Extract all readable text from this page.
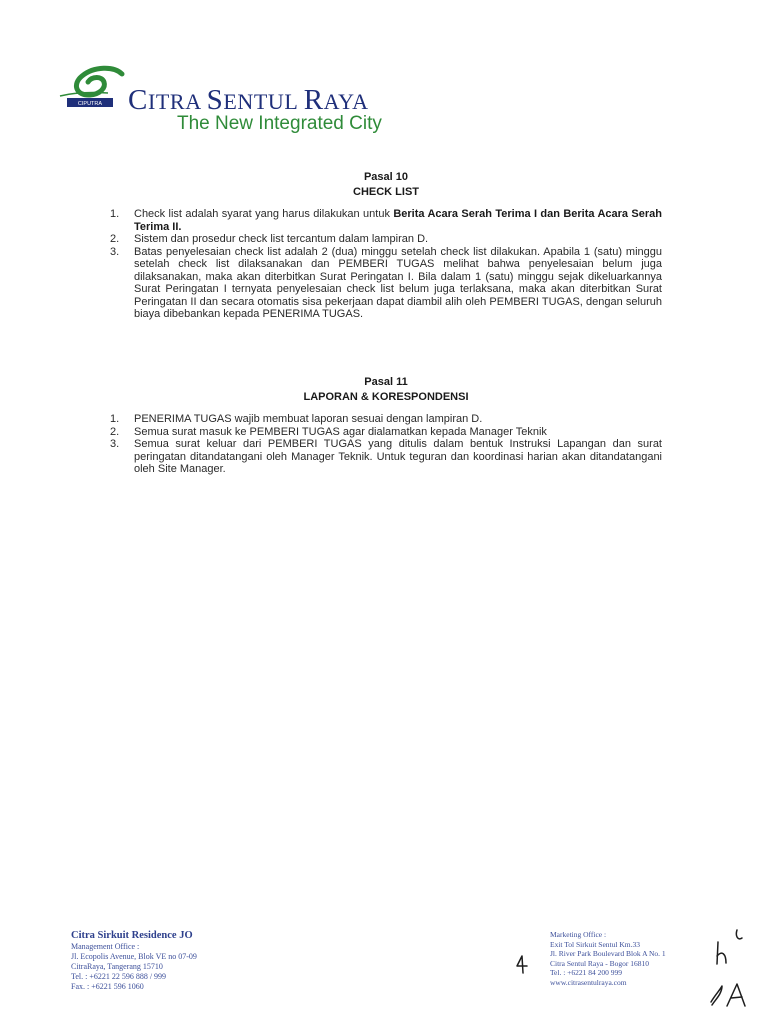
CIPUTRA CITRA SENTUL RAYA
The New Integrated City
Pasal 10
CHECK LIST
1.	Check list adalah syarat yang harus dilakukan untuk Berita Acara Serah Terima I dan Berita Acara Serah Terima II.
2.	Sistem dan prosedur check list tercantum dalam lampiran D.
3.	Batas penyelesaian check list adalah 2 (dua) minggu setelah check list dilakukan. Apabila 1 (satu) minggu setelah check list dilaksanakan dan PEMBERI TUGAS melihat bahwa penyelesaian belum juga dilaksanakan, maka akan diterbitkan Surat Peringatan I. Bila dalam 1 (satu) minggu sejak dikeluarkannya Surat Peringatan I ternyata penyelesaian check list belum juga terlaksana, maka akan diterbitkan Surat Peringatan II dan secara otomatis sisa pekerjaan dapat diambil alih oleh PEMBERI TUGAS, dengan seluruh biaya dibebankan kepada PENERIMA TUGAS.
Pasal 11
LAPORAN & KORESPONDENSI
1.	PENERIMA TUGAS wajib membuat laporan sesuai dengan lampiran D.
2.	Semua surat masuk ke PEMBERI TUGAS agar dialamatkan kepada Manager Teknik
3.	Semua surat keluar dari PEMBERI TUGAS yang ditulis dalam bentuk Instruksi Lapangan dan surat peringatan ditandatangani oleh Manager Teknik. Untuk teguran dan koordinasi harian akan ditandatangani oleh Site Manager.
Citra Sirkuit Residence JO
Management Office :
Jl. Ecopolis Avenue, Blok VE no 07-09
CitraRaya, Tangerang 15710
Tel. : +6221 22 596 888 / 999
Fax. : +6221 596 1060
Marketing Office :
Exit Tol Sirkuit Sentul Km.33
Jl. River Park Boulevard Blok A No. 1
Citra Sentul Raya - Bogor 16810
Tel. : +6221 84 200 999
www.citrasentulraya.com
